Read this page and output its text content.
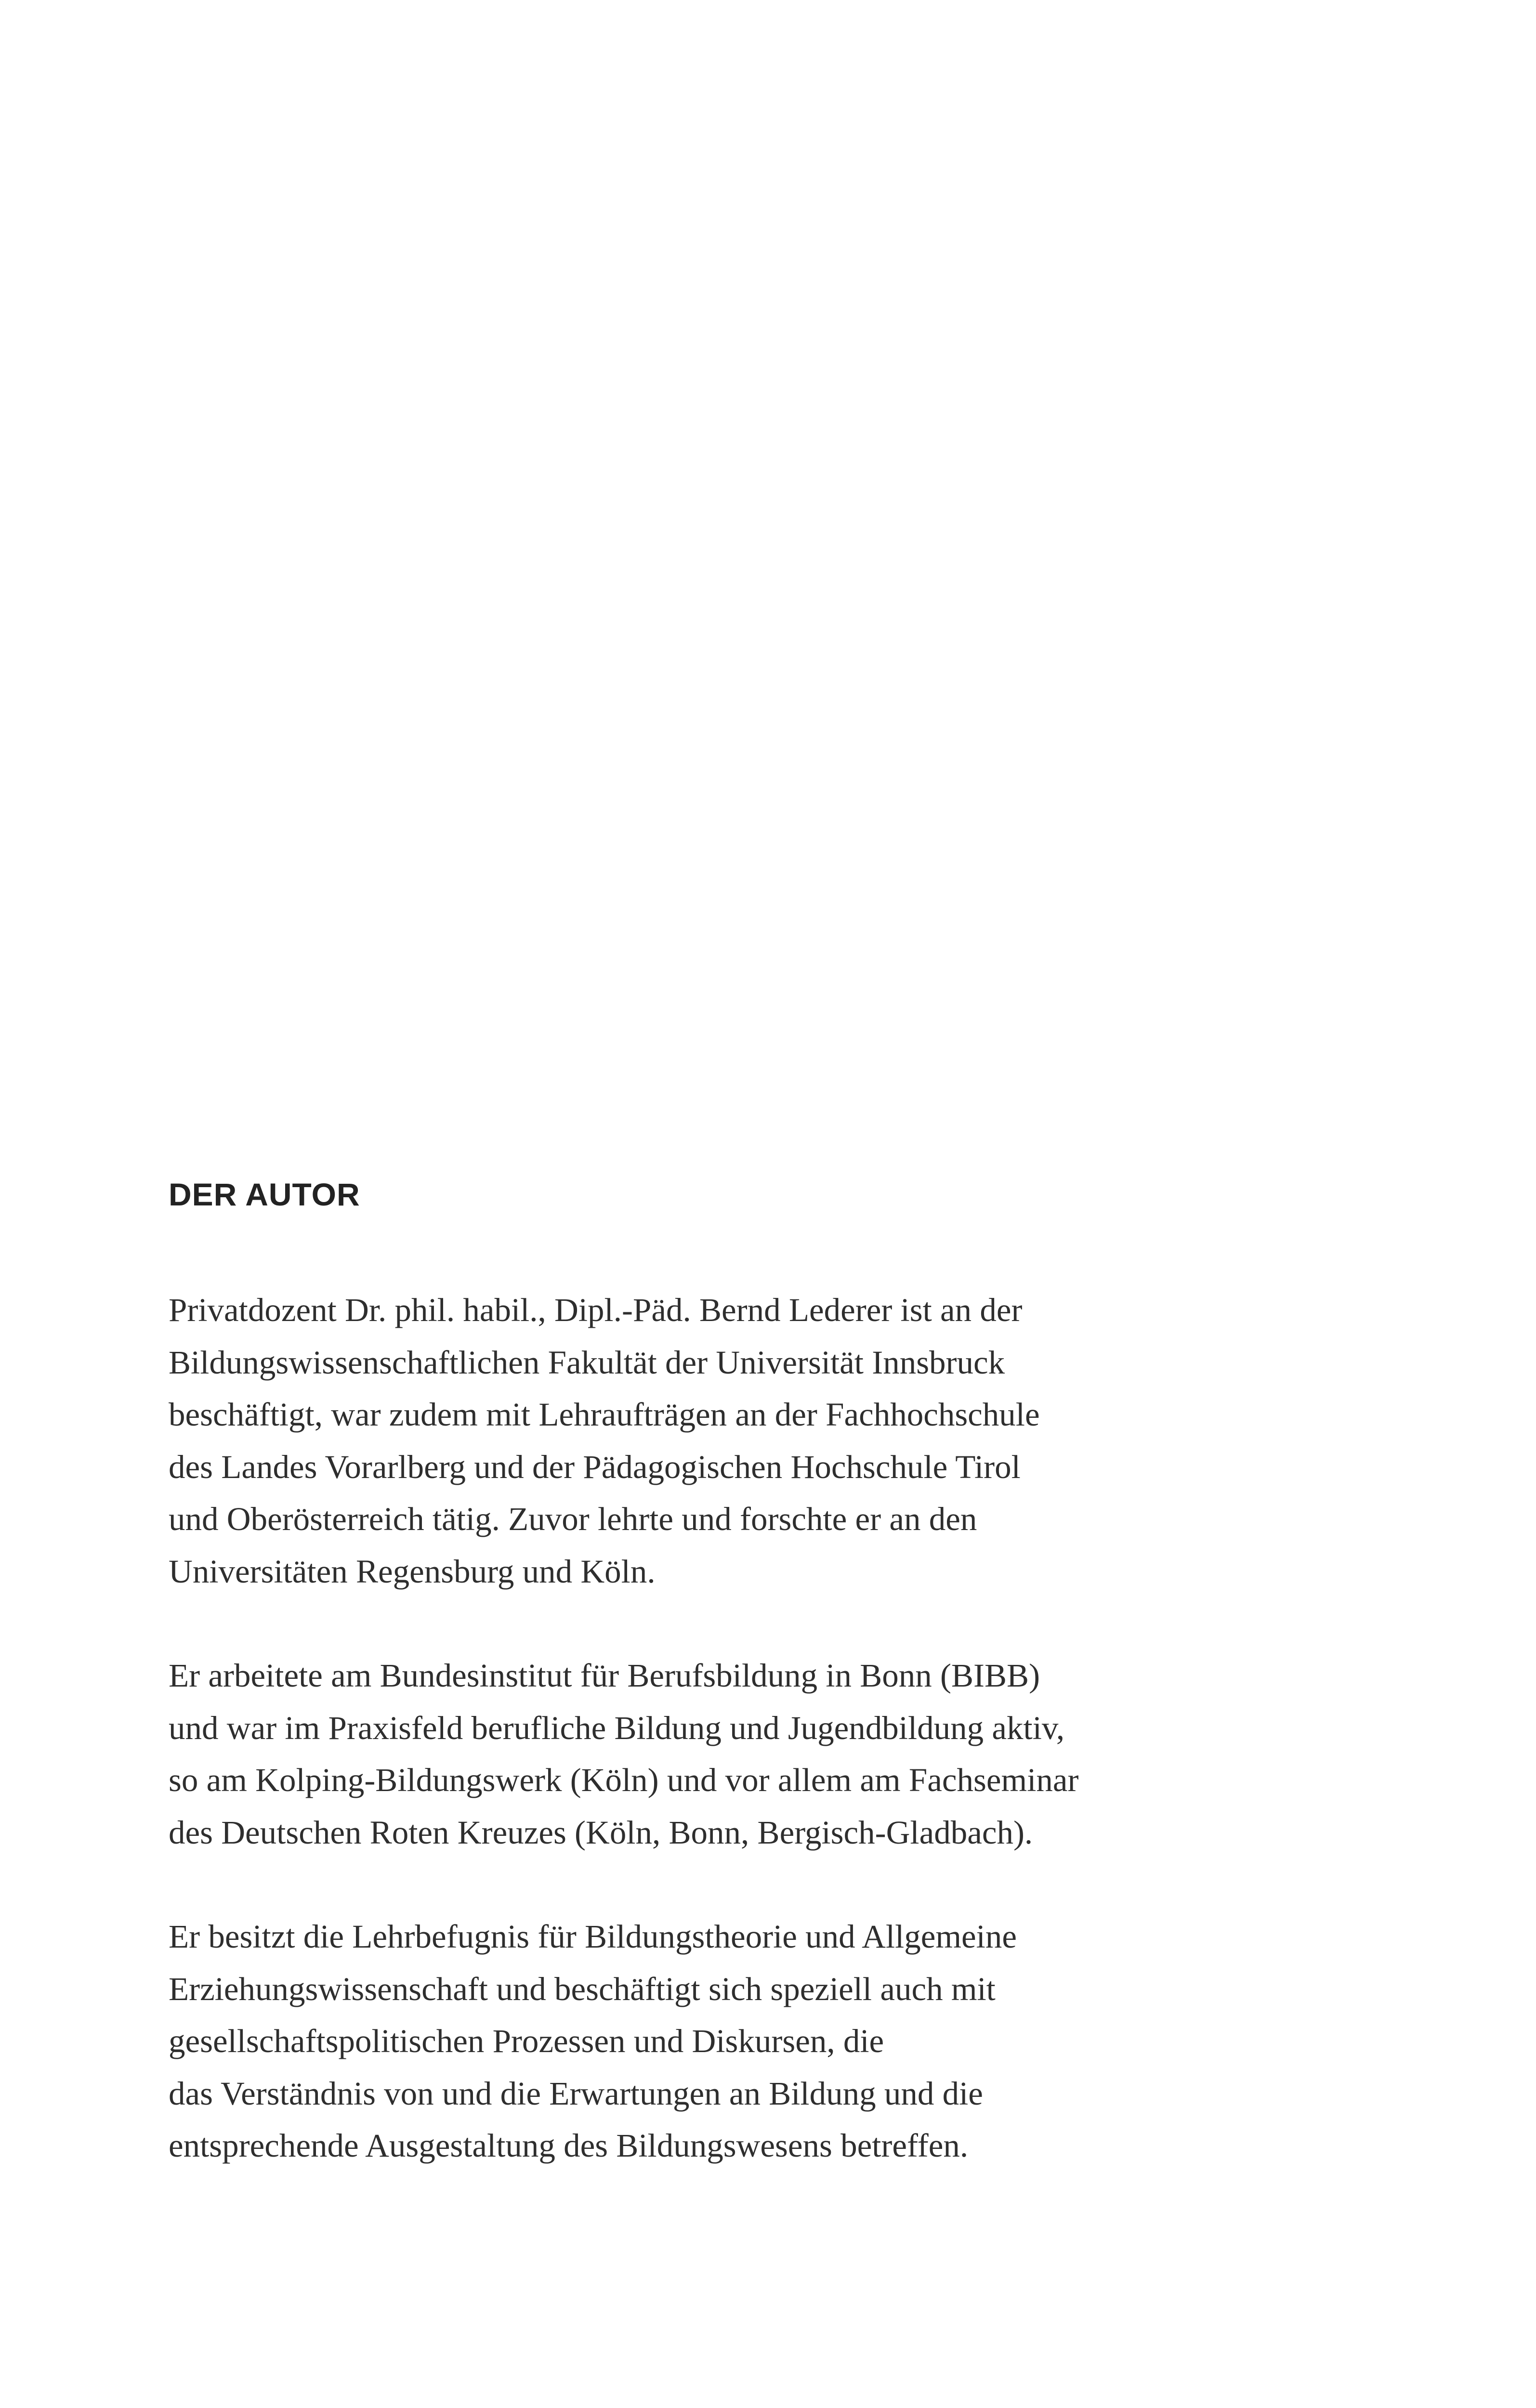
DER AUTOR

Privatdozent Dr. phil. habil., Dipl.-Päd. Bernd Lederer ist an der
Bildungswissenschaftlichen Fakultät der Universität Innsbruck
beschäftigt, war zudem mit Lehraufträgen an der Fachhochschule
des Landes Vorarlberg und der Pädagogischen Hochschule Tirol
und Oberösterreich tätig. Zuvor lehrte und forschte er an den
Universitäten Regensburg und Köln.

Er arbeitete am Bundesinstitut für Berufsbildung in Bonn (BIBB)
und war im Praxisfeld berufliche Bildung und Jugendbildung aktiv,
so am Kolping-Bildungswerk (Köln) und vor allem am Fachseminar
des Deutschen Roten Kreuzes (Köln, Bonn, Bergisch-Gladbach).

Er besitzt die Lehrbefugnis für Bildungstheorie und Allgemeine
Erziehungswissenschaft und beschäftigt sich speziell auch mit
gesellschaftspolitischen Prozessen und Diskursen, die
das Verständnis von und die Erwartungen an Bildung und die
entsprechende Ausgestaltung des Bildungswesens betreffen.
